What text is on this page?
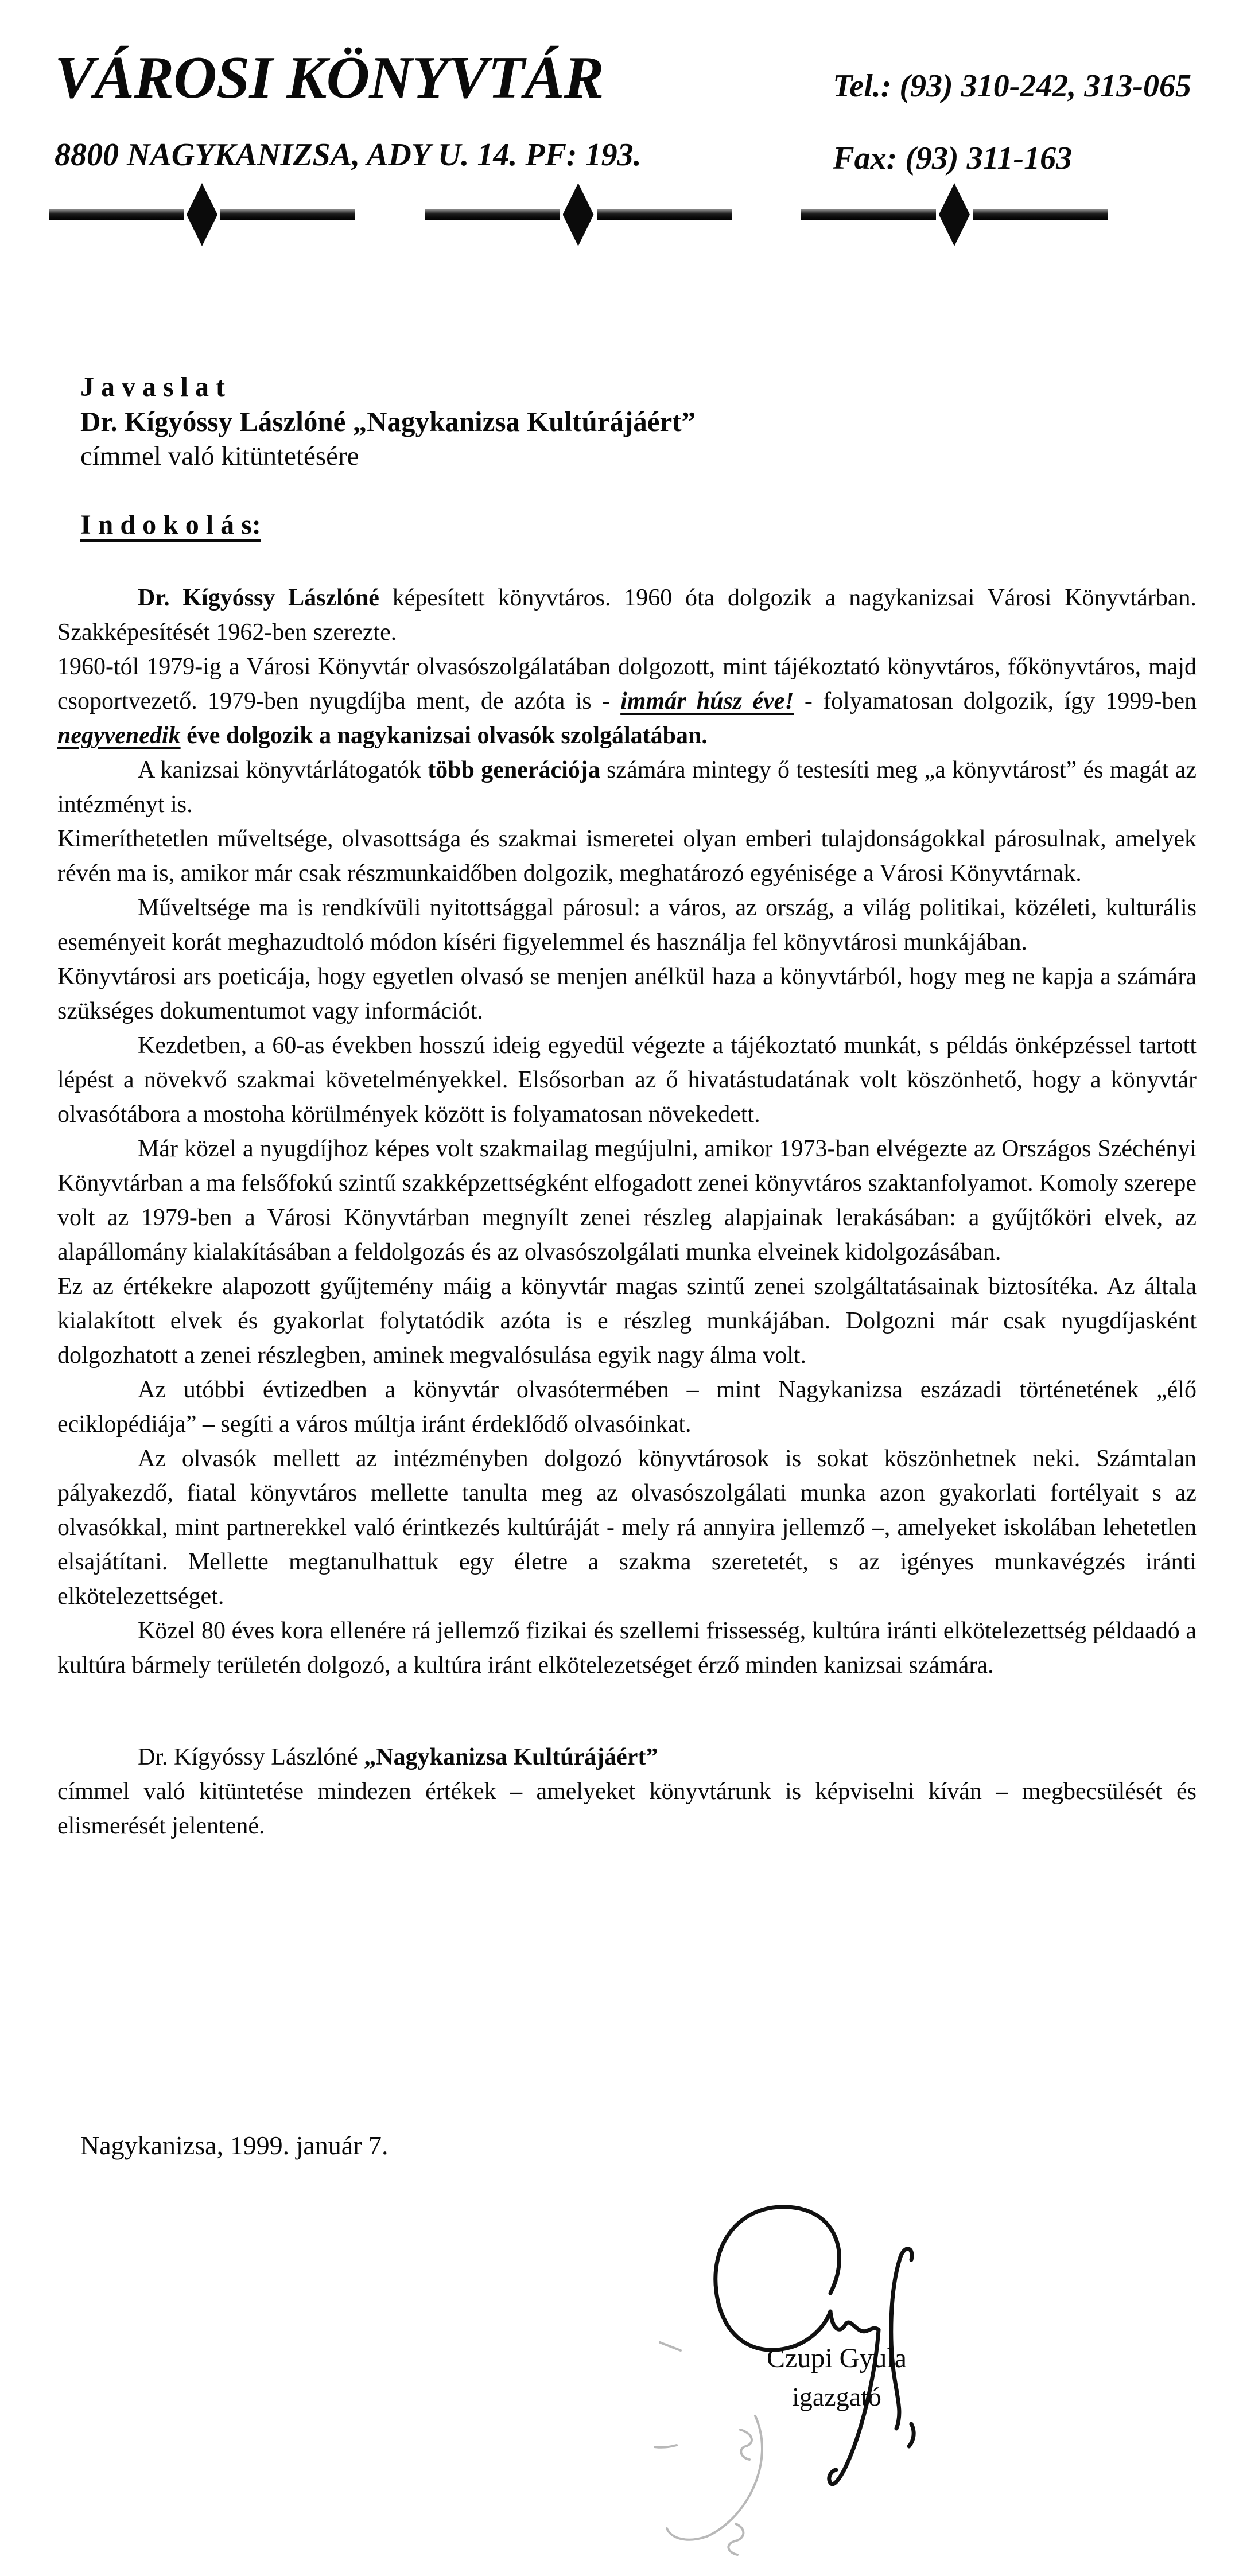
VÁROSI KÖNYVTÁR
8800 NAGYKANIZSA, ADY U. 14. PF: 193.
Tel.: (93) 310-242, 313-065
Fax: (93) 311-163
J a v a s l a t
Dr. Kígyóssy Lászlóné „Nagykanizsa Kultúrájáért”
címmel való kitüntetésére
I n d o k o l á s:

Dr. Kígyóssy Lászlóné képesített könyvtáros. 1960 óta dolgozik a nagykanizsai Városi Könyvtárban. Szakképesítését 1962-ben szerezte.

1960-tól 1979-ig a Városi Könyvtár olvasószolgálatában dolgozott, mint tájékoztató könyvtáros, főkönyvtáros, majd csoportvezető. 1979-ben nyugdíjba ment, de azóta is - immár húsz éve! - folyamatosan dolgozik, így 1999-ben negyvenedik éve dolgozik a nagykanizsai olvasók szolgálatában.

A kanizsai könyvtárlátogatók több generációja számára mintegy ő testesíti meg „a könyvtárost” és magát az intézményt is.

Kimeríthetetlen műveltsége, olvasottsága és szakmai ismeretei olyan emberi tulajdonságokkal párosulnak, amelyek révén ma is, amikor már csak részmunkaidőben dolgozik, meghatározó egyénisége a Városi Könyvtárnak.

Műveltsége ma is rendkívüli nyitottsággal párosul: a város, az ország, a világ politikai, közéleti, kulturális eseményeit korát meghazudtoló módon kíséri figyelemmel és használja fel könyvtárosi munkájában.

Könyvtárosi ars poeticája, hogy egyetlen olvasó se menjen anélkül haza a könyvtárból, hogy meg ne kapja a számára szükséges dokumentumot vagy információt.

Kezdetben, a 60-as években hosszú ideig egyedül végezte a tájékoztató munkát, s példás önképzéssel tartott lépést a növekvő szakmai követelményekkel. Elsősorban az ő hivatástudatának volt köszönhető, hogy a könyvtár olvasótábora a mostoha körülmények között is folyamatosan növekedett.

Már közel a nyugdíjhoz képes volt szakmailag megújulni, amikor 1973-ban elvégezte az Országos Széchényi Könyvtárban a ma felsőfokú szintű szakképzettségként elfogadott zenei könyvtáros szaktanfolyamot. Komoly szerepe volt az 1979-ben a Városi Könyvtárban megnyílt zenei részleg alapjainak lerakásában: a gyűjtőköri elvek, az alapállomány kialakításában a feldolgozás és az olvasószolgálati munka elveinek kidolgozásában.

Ez az értékekre alapozott gyűjtemény máig a könyvtár magas szintű zenei szolgáltatásainak biztosítéka. Az általa kialakított elvek és gyakorlat folytatódik azóta is e részleg munkájában. Dolgozni már csak nyugdíjasként dolgozhatott a zenei részlegben, aminek megvalósulása egyik nagy álma volt.

Az utóbbi évtizedben a könyvtár olvasótermében – mint Nagykanizsa eszázadi történetének „élő eciklopédiája” – segíti a város múltja iránt érdeklődő olvasóinkat.

Az olvasók mellett az intézményben dolgozó könyvtárosok is sokat köszönhetnek neki. Számtalan pályakezdő, fiatal könyvtáros mellette tanulta meg az olvasószolgálati munka azon gyakorlati fortélyait s az olvasókkal, mint partnerekkel való érintkezés kultúráját - mely rá annyira jellemző –, amelyeket iskolában lehetetlen elsajátítani. Mellette megtanulhattuk egy életre a szakma szeretetét, s az igényes munkavégzés iránti elkötelezettséget.

Közel 80 éves kora ellenére rá jellemző fizikai és szellemi frissesség, kultúra iránti elkötelezettség példaadó a kultúra bármely területén dolgozó, a kultúra iránt elkötelezetséget érző minden kanizsai számára.

Dr. Kígyóssy Lászlóné „Nagykanizsa Kultúrájáért”

címmel való kitüntetése mindezen értékek – amelyeket könyvtárunk is képviselni kíván – megbecsülését és elismerését jelentené.

Nagykanizsa, 1999. január 7.
Czupi Gyula
igazgató
